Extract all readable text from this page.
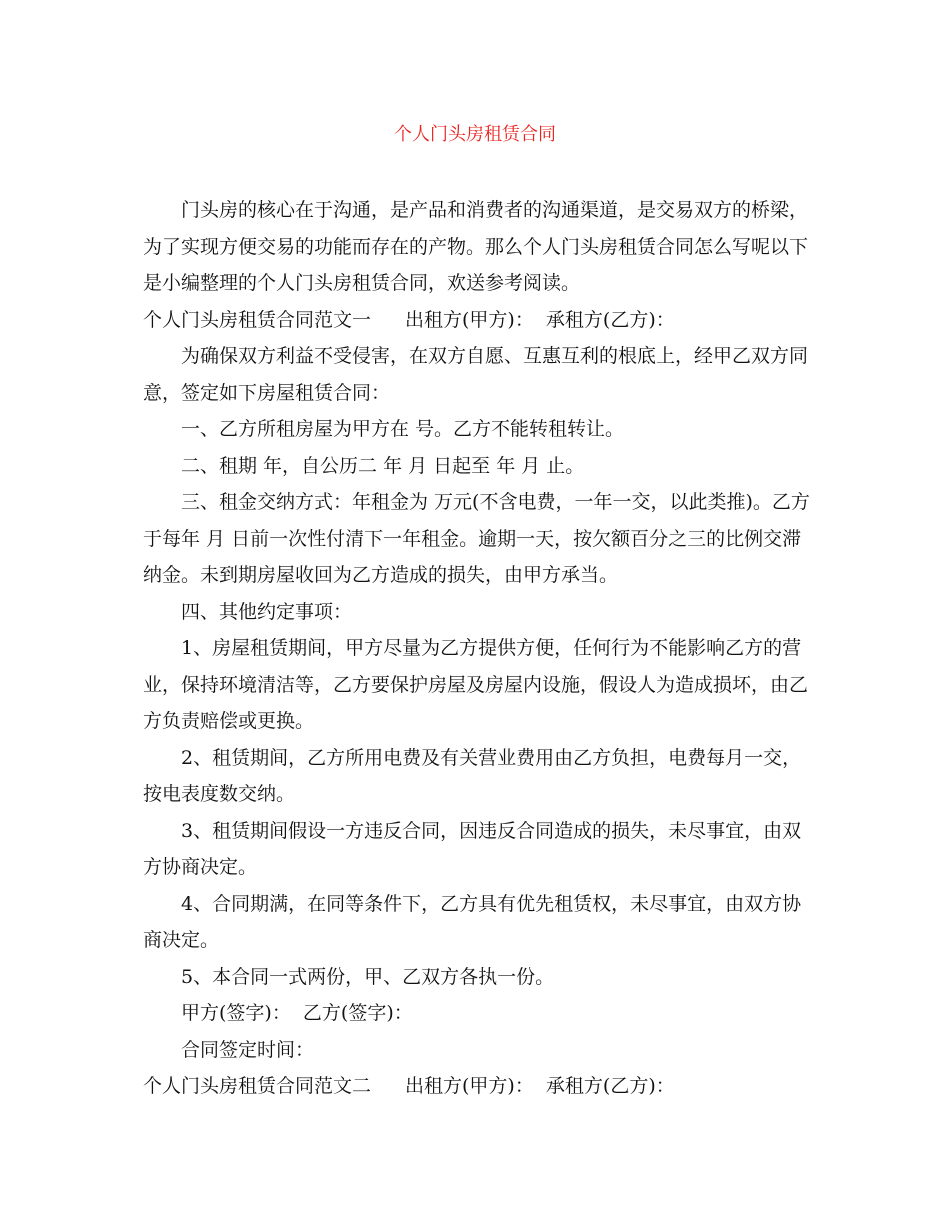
个人门头房租赁合同

门头房的核心在于沟通，是产品和消费者的沟通渠道，是交易双方的桥梁，为了实现方便交易的功能而存在的产物。那么个人门头房租赁合同怎么写呢以下是小编整理的个人门头房租赁合同，欢送参考阅读。

个人门头房租赁合同范文一 出租方(甲方)：  承租方(乙方)：

为确保双方利益不受侵害，在双方自愿、互惠互利的根底上，经甲乙双方同意，签定如下房屋租赁合同：

一、乙方所租房屋为甲方在 号。乙方不能转租转让。

二、租期 年，自公历二 年 月 日起至 年 月 止。

三、租金交纳方式：年租金为 万元(不含电费，一年一交，以此类推)。乙方于每年 月 日前一次性付清下一年租金。逾期一天，按欠额百分之三的比例交滞纳金。未到期房屋收回为乙方造成的损失，由甲方承当。

四、其他约定事项：

1、房屋租赁期间，甲方尽量为乙方提供方便，任何行为不能影响乙方的营业，保持环境清洁等，乙方要保护房屋及房屋内设施，假设人为造成损坏，由乙方负责赔偿或更换。

2、租赁期间，乙方所用电费及有关营业费用由乙方负担，电费每月一交，按电表度数交纳。

3、租赁期间假设一方违反合同，因违反合同造成的损失，未尽事宜，由双方协商决定。

4、合同期满，在同等条件下，乙方具有优先租赁权，未尽事宜，由双方协商决定。

5、本合同一式两份，甲、乙双方各执一份。

甲方(签字)：  乙方(签字)：

合同签定时间：

个人门头房租赁合同范文二 出租方(甲方)：  承租方(乙方)：
